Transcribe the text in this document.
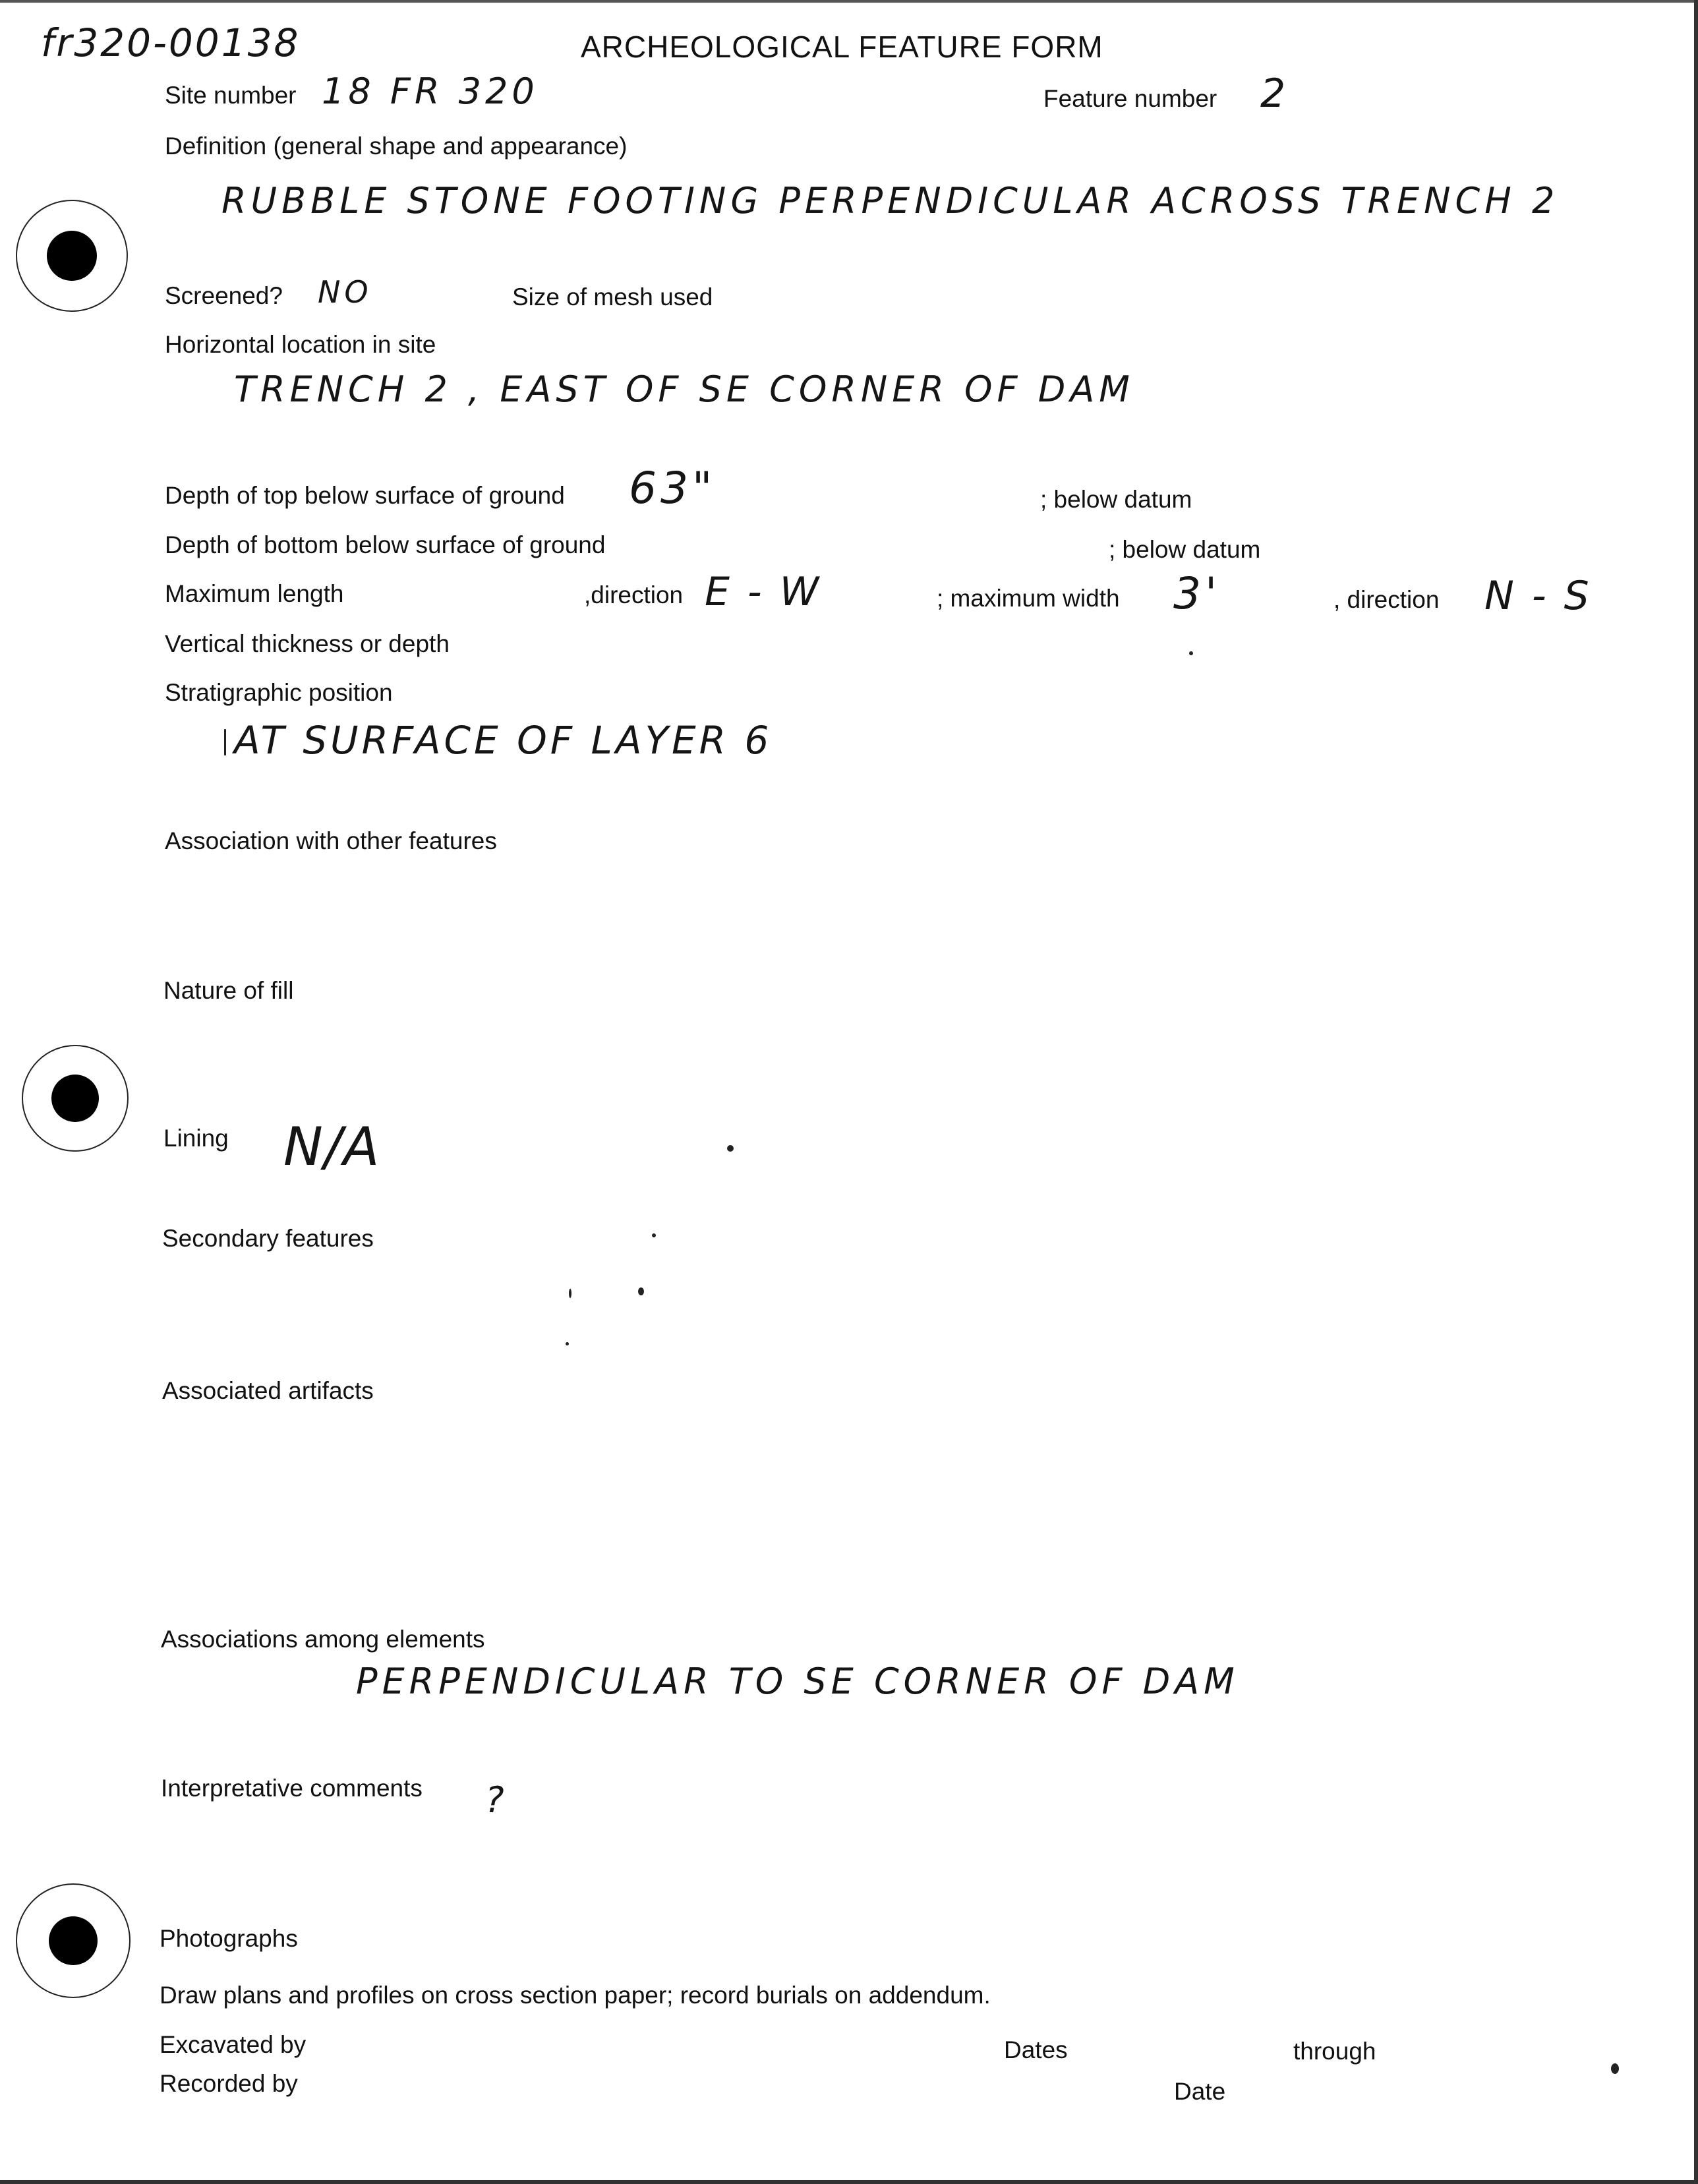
fr320-00138	ARCHEOLOGICAL FEATURE FORM
Site number 18 FR 320	Feature number 2
Definition (general shape and appearance)
RUBBLE STONE FOOTING PERPENDICULAR ACROSS TRENCH 2
Screened? NO	Size of mesh used
Horizontal location in site
TRENCH 2 , EAST OF SE CORNER OF DAM
Depth of top below surface of ground 63"	; below datum
Depth of bottom below surface of ground	; below datum
Maximum length	,direction E - W	; maximum width 3'	, direction N - S
Vertical thickness or depth
Stratigraphic position
AT SURFACE OF LAYER 6
Association with other features
Nature of fill
Lining N/A
Secondary features
Associated artifacts
Associations among elements
PERPENDICULAR TO SE CORNER OF DAM
Interpretative comments ?
Photographs
Draw plans and profiles on cross section paper; record burials on addendum.
Excavated by	Dates	through
Recorded by	Date
